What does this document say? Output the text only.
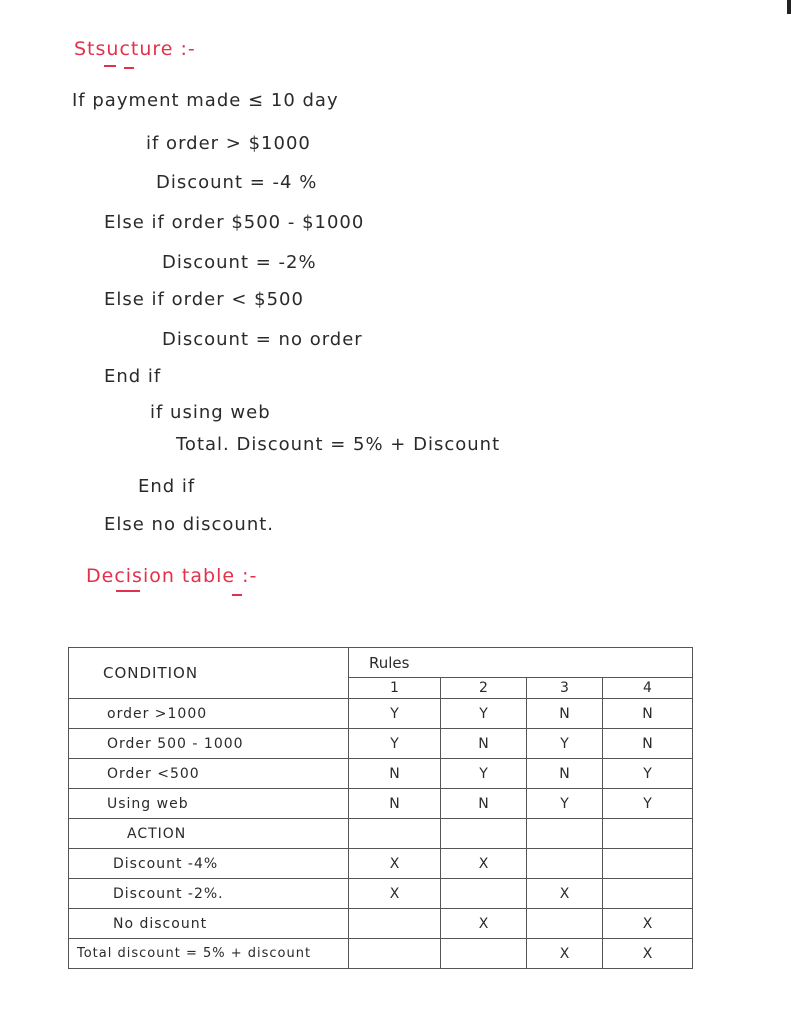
Stsucture :-
If payment made ≤ 10 day
if order > $1000
Discount = -4 %
Else if order $500 - $1000
Discount = -2%
Else if order < $500
Discount = no order
End if
if using web
Total. Discount = 5% + Discount
End if
Else no discount.
Decision table :-
CONDITION	Rules			
	1	2	3	4
order >1000	Y	Y	N	N
Order 500 - 1000	Y	N	Y	N
Order <500	N	Y	N	Y
Using web	N	N	Y	Y
ACTION				
Discount -4%	X	X		
Discount -2%.	X		X	
No discount		X		X
Total discount = 5% + discount			X	X
